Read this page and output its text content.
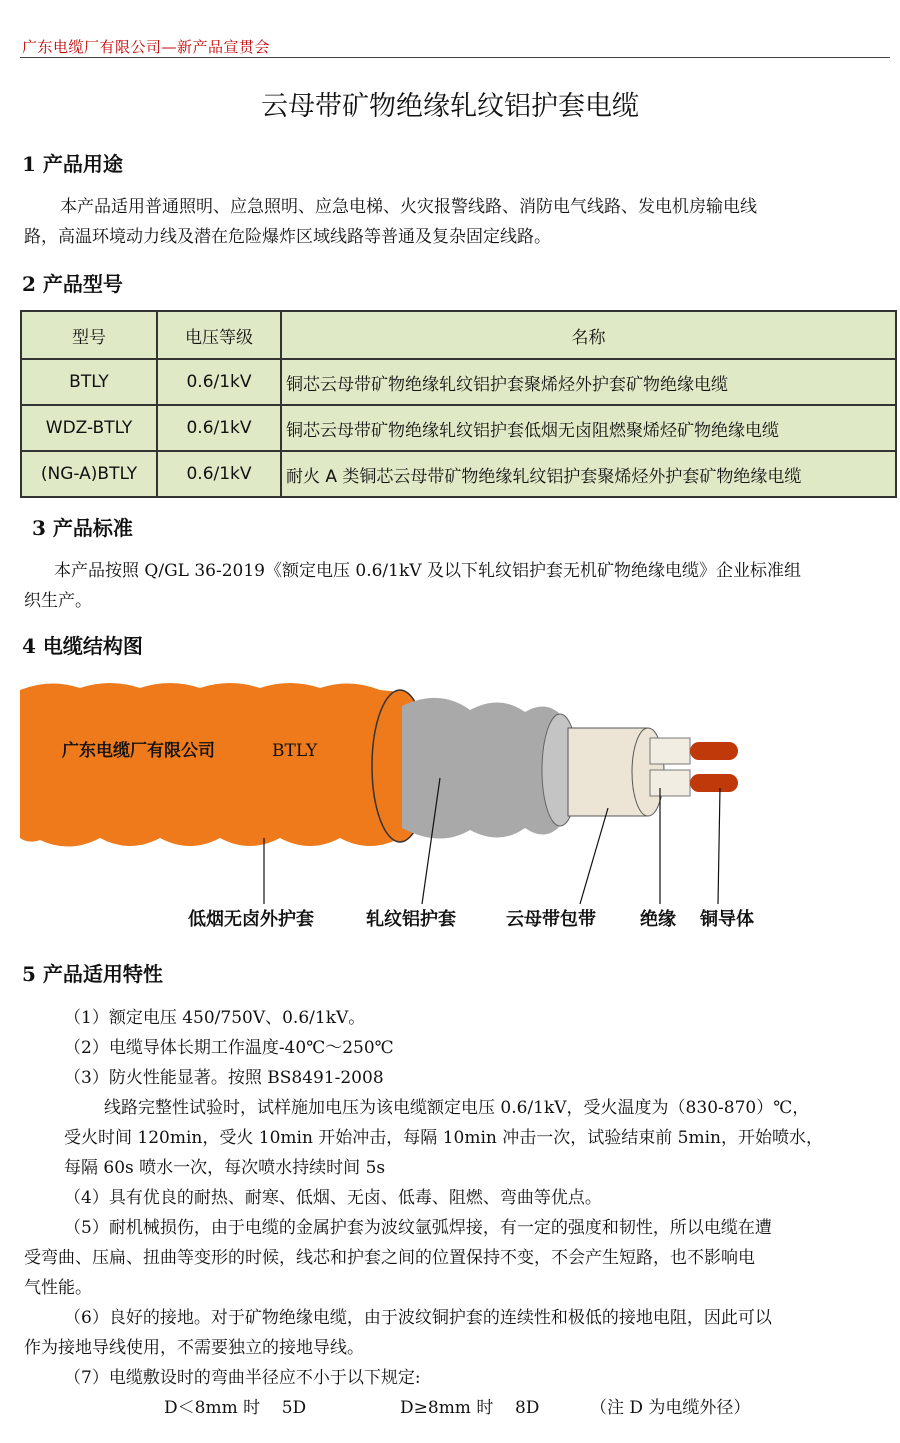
广东电缆厂有限公司—新产品宣贯会
云母带矿物绝缘轧纹铝护套电缆
1 产品用途
本产品适用普通照明、应急照明、应急电梯、火灾报警线路、消防电气线路、发电机房输电线
路，高温环境动力线及潜在危险爆炸区域线路等普通及复杂固定线路。
2 产品型号
型号	电压等级	名称
BTLY	0.6/1kV	铜芯云母带矿物绝缘轧纹铝护套聚烯烃外护套矿物绝缘电缆
WDZ-BTLY	0.6/1kV	铜芯云母带矿物绝缘轧纹铝护套低烟无卤阻燃聚烯烃矿物绝缘电缆
(NG-A)BTLY	0.6/1kV	耐火 A 类铜芯云母带矿物绝缘轧纹铝护套聚烯烃外护套矿物绝缘电缆
3 产品标准
本产品按照 Q/GL 36-2019《额定电压 0.6/1kV 及以下轧纹铝护套无机矿物绝缘电缆》企业标准组
织生产。
4 电缆结构图
广东电缆厂有限公司	BTLY
低烟无卤外护套	轧纹铝护套	云母带包带 绝缘 铜导体
5 产品适用特性
（1）额定电压 450/750V、0.6/1kV。
（2）电缆导体长期工作温度-40℃～250℃
（3）防火性能显著。按照 BS8491-2008
线路完整性试验时，试样施加电压为该电缆额定电压 0.6/1kV，受火温度为（830-870）℃，
受火时间 120min，受火 10min 开始冲击，每隔 10min 冲击一次，试验结束前 5min，开始喷水，
每隔 60s 喷水一次，每次喷水持续时间 5s
（4）具有优良的耐热、耐寒、低烟、无卤、低毒、阻燃、弯曲等优点。
（5）耐机械损伤，由于电缆的金属护套为波纹氩弧焊接，有一定的强度和韧性，所以电缆在遭
受弯曲、压扁、扭曲等变形的时候，线芯和护套之间的位置保持不变，不会产生短路，也不影响电
气性能。
（6）良好的接地。对于矿物绝缘电缆，由于波纹铜护套的连续性和极低的接地电阻，因此可以
作为接地导线使用，不需要独立的接地导线。
（7）电缆敷设时的弯曲半径应不小于以下规定:
D＜8mm 时    5D	D≥8mm 时    8D	（注 D 为电缆外径）
